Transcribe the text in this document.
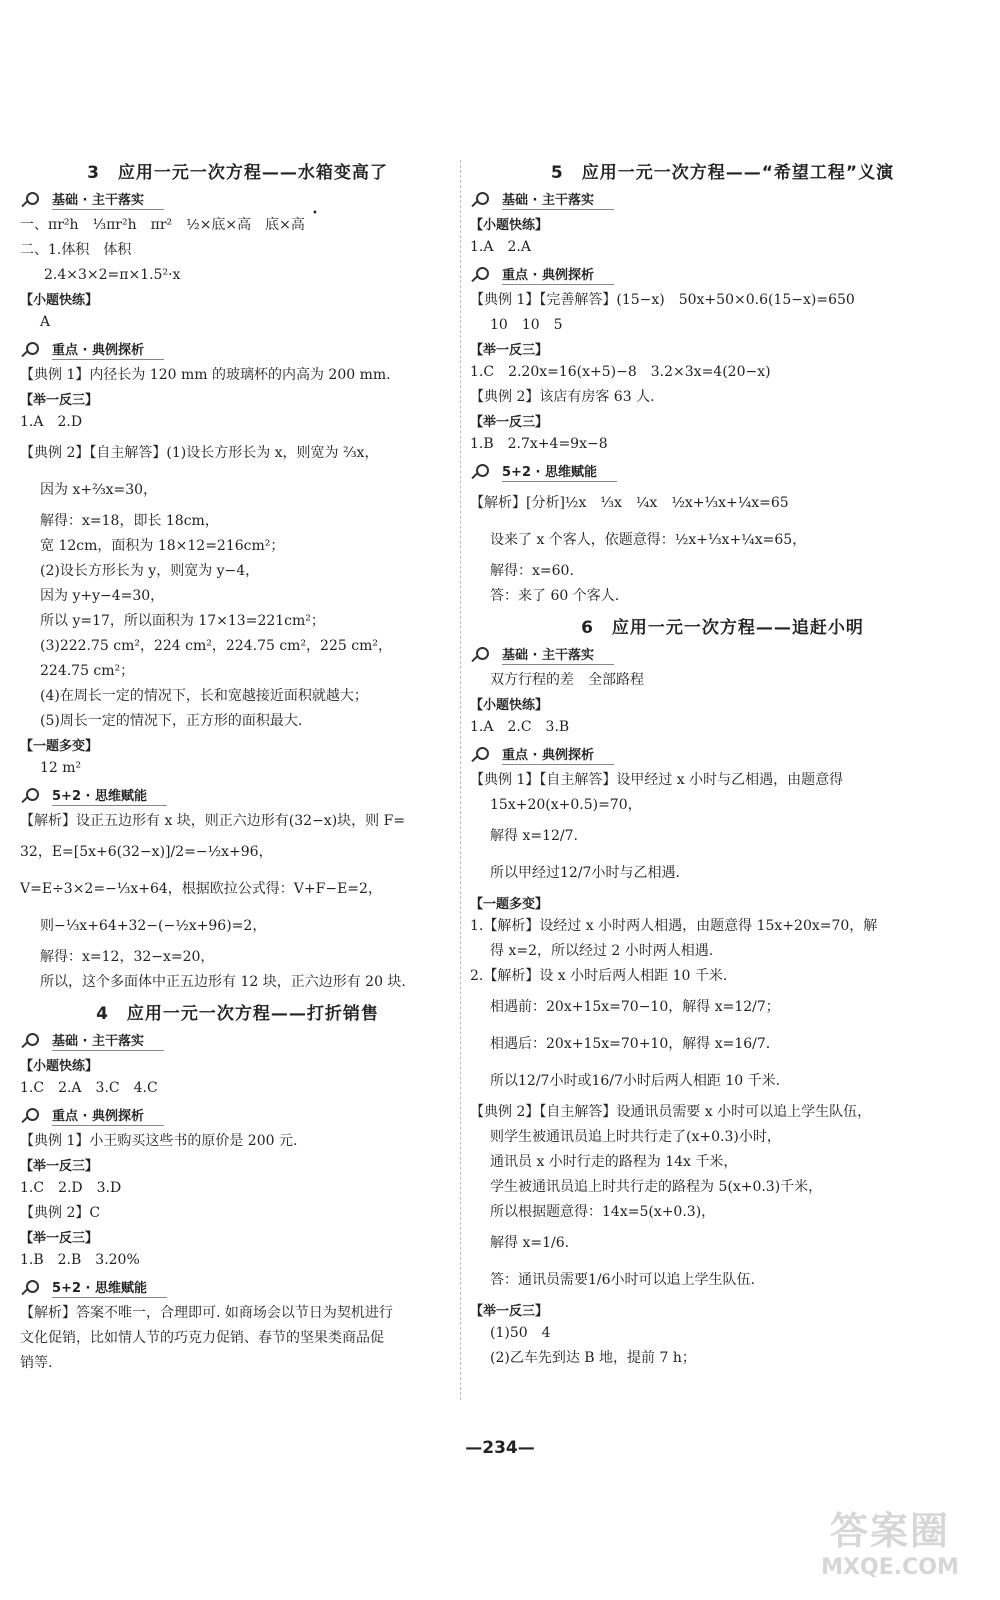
•
3　应用一元一次方程——水箱变高了
基础 · 主干落实
一、πr²h　⅓πr²h　πr²　½×底×高　底×高
二、1.体积　体积
2.4×3×2=π×1.5²·x
【小题快练】
A
重点 · 典例探析
【典例 1】内径长为 120 mm 的玻璃杯的内高为 200 mm.
【举一反三】
1.A　2.D
【典例 2】【自主解答】(1)设长方形长为 x，则宽为 ⅔x，
因为 x+⅔x=30，
解得：x=18，即长 18cm，
宽 12cm，面积为 18×12=216cm²；
(2)设长方形长为 y，则宽为 y−4，
因为 y+y−4=30，
所以 y=17，所以面积为 17×13=221cm²；
(3)222.75 cm²，224 cm²，224.75 cm²，225 cm²，
224.75 cm²；
(4)在周长一定的情况下，长和宽越接近面积就越大；
(5)周长一定的情况下，正方形的面积最大.
【一题多变】
12 m²
5+2 · 思维赋能
【解析】设正五边形有 x 块，则正六边形有(32−x)块，则 F=
32，E=[5x+6(32−x)]/2=−½x+96，
V=E÷3×2=−⅓x+64，根据欧拉公式得：V+F−E=2，
则−⅓x+64+32−(−½x+96)=2，
解得：x=12，32−x=20，
所以，这个多面体中正五边形有 12 块，正六边形有 20 块.
4　应用一元一次方程——打折销售
基础 · 主干落实
【小题快练】
1.C　2.A　3.C　4.C
重点 · 典例探析
【典例 1】小王购买这些书的原价是 200 元.
【举一反三】
1.C　2.D　3.D
【典例 2】C
【举一反三】
1.B　2.B　3.20%
5+2 · 思维赋能
【解析】答案不唯一，合理即可. 如商场会以节日为契机进行
文化促销，比如情人节的巧克力促销、春节的坚果类商品促
销等.
5　应用一元一次方程——“希望工程”义演
基础 · 主干落实
【小题快练】
1.A　2.A
重点 · 典例探析
【典例 1】【完善解答】(15−x)　50x+50×0.6(15−x)=650
10　10　5
【举一反三】
1.C　2.20x=16(x+5)−8　3.2×3x=4(20−x)
【典例 2】该店有房客 63 人.
【举一反三】
1.B　2.7x+4=9x−8
5+2 · 思维赋能
【解析】[分析]½x　⅓x　¼x　½x+⅓x+¼x=65
设来了 x 个客人，依题意得：½x+⅓x+¼x=65，
解得：x=60.
答：来了 60 个客人.
6　应用一元一次方程——追赶小明
基础 · 主干落实
双方行程的差　全部路程
【小题快练】
1.A　2.C　3.B
重点 · 典例探析
【典例 1】【自主解答】设甲经过 x 小时与乙相遇，由题意得
15x+20(x+0.5)=70，
解得 x=12/7.
所以甲经过12/7小时与乙相遇.
【一题多变】
1.【解析】设经过 x 小时两人相遇，由题意得 15x+20x=70，解
得 x=2，所以经过 2 小时两人相遇.
2.【解析】设 x 小时后两人相距 10 千米.
相遇前：20x+15x=70−10，解得 x=12/7；
相遇后：20x+15x=70+10，解得 x=16/7.
所以12/7小时或16/7小时后两人相距 10 千米.
【典例 2】【自主解答】设通讯员需要 x 小时可以追上学生队伍，
则学生被通讯员追上时共行走了(x+0.3)小时，
通讯员 x 小时行走的路程为 14x 千米，
学生被通讯员追上时共行走的路程为 5(x+0.3)千米，
所以根据题意得：14x=5(x+0.3)，
解得 x=1/6.
答：通讯员需要1/6小时可以追上学生队伍.
【举一反三】
(1)50　4
(2)乙车先到达 B 地，提前 7 h；
—234—
答案圈
MXQE.COM
